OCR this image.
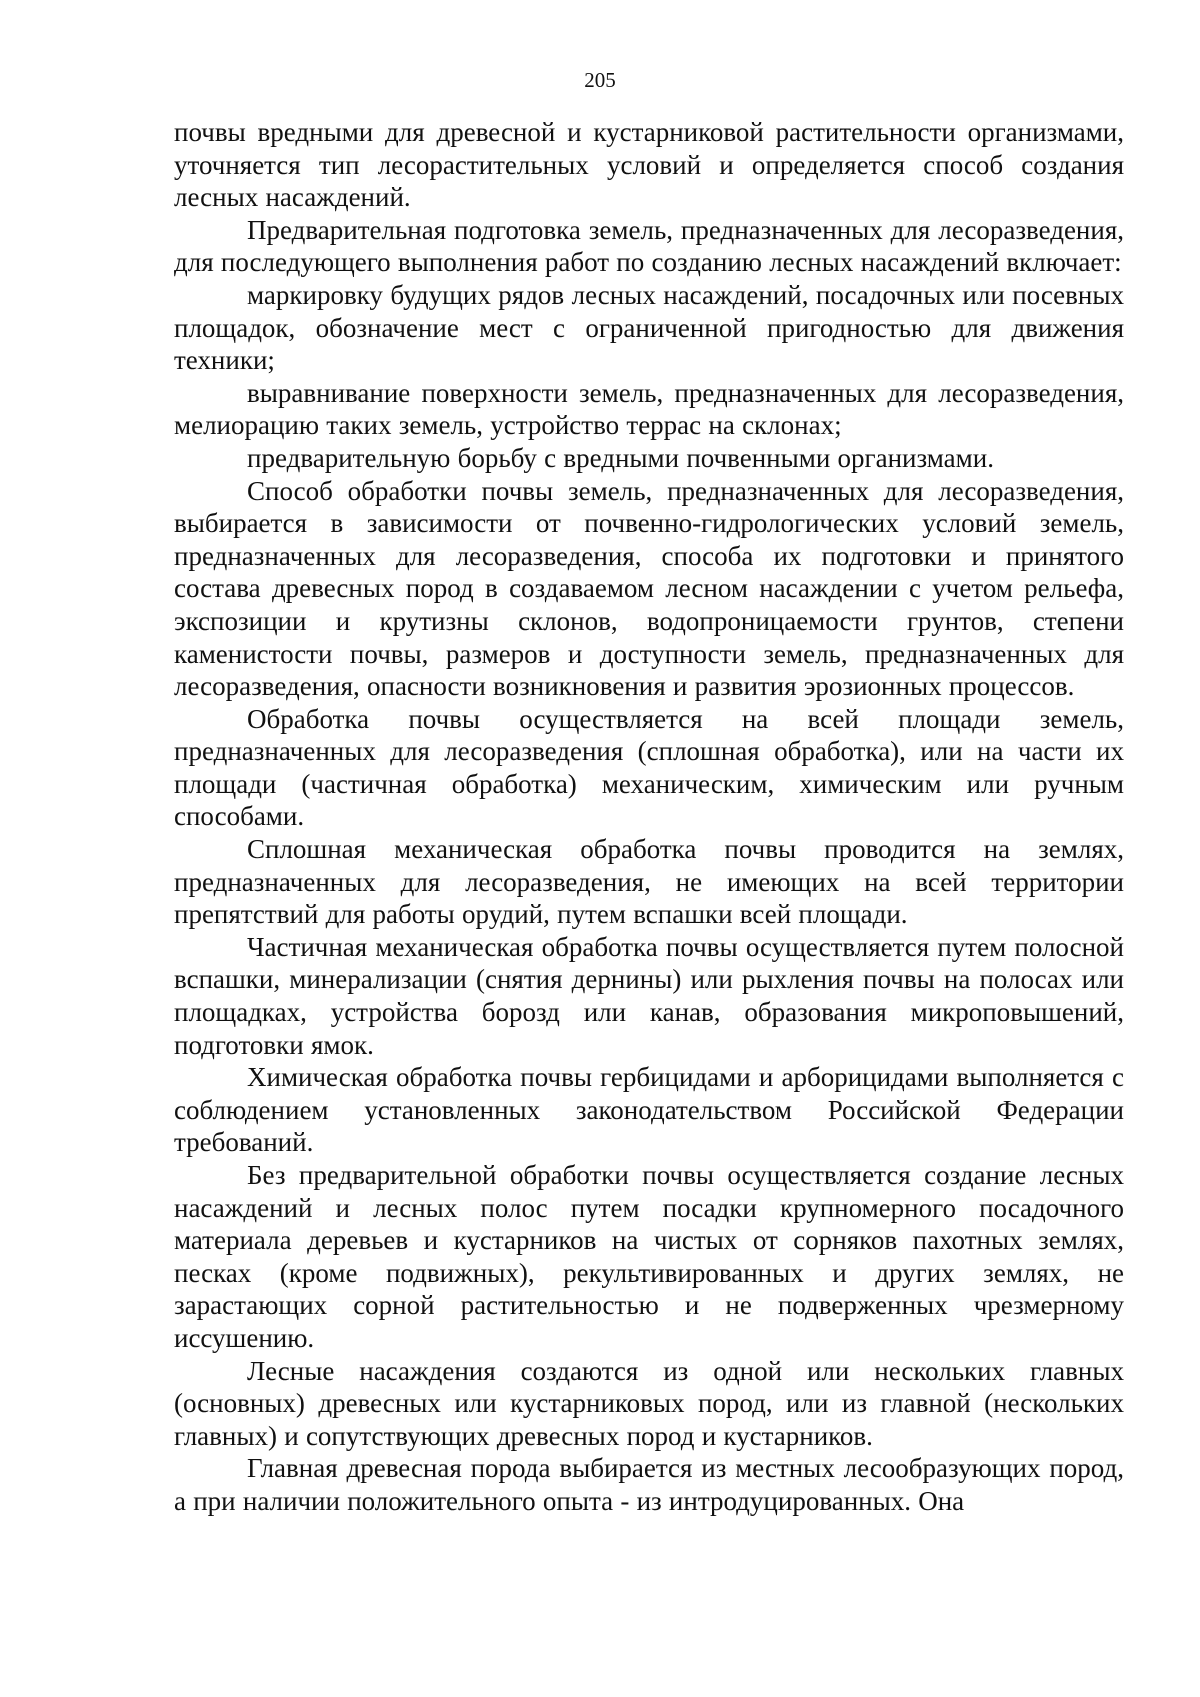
205

почвы вредными для древесной и кустарниковой растительности организмами, уточняется тип лесорастительных условий и определяется способ создания лесных насаждений.

Предварительная подготовка земель, предназначенных для лесоразведения, для последующего выполнения работ по созданию лесных насаждений включает:

маркировку будущих рядов лесных насаждений, посадочных или посевных площадок, обозначение мест с ограниченной пригодностью для движения техники;

выравнивание поверхности земель, предназначенных для лесоразведения, мелиорацию таких земель, устройство террас на склонах;

предварительную борьбу с вредными почвенными организмами.

Способ обработки почвы земель, предназначенных для лесоразведения, выбирается в зависимости от почвенно-гидрологических условий земель, предназначенных для лесоразведения, способа их подготовки и принятого состава древесных пород в создаваемом лесном насаждении с учетом рельефа, экспозиции и крутизны склонов, водопроницаемости грунтов, степени каменистости почвы, размеров и доступности земель, предназначенных для лесоразведения, опасности возникновения и развития эрозионных процессов.

Обработка почвы осуществляется на всей площади земель, предназначенных для лесоразведения (сплошная обработка), или на части их площади (частичная обработка) механическим, химическим или ручным способами.

Сплошная механическая обработка почвы проводится на землях, предназначенных для лесоразведения, не имеющих на всей территории препятствий для работы орудий, путем вспашки всей площади.

Частичная механическая обработка почвы осуществляется путем полосной вспашки, минерализации (снятия дернины) или рыхления почвы на полосах или площадках, устройства борозд или канав, образования микроповышений, подготовки ямок.

Химическая обработка почвы гербицидами и арборицидами выполняется с соблюдением установленных законодательством Российской Федерации требований.

Без предварительной обработки почвы осуществляется создание лесных насаждений и лесных полос путем посадки крупномерного посадочного материала деревьев и кустарников на чистых от сорняков пахотных землях, песках (кроме подвижных), рекультивированных и других землях, не зарастающих сорной растительностью и не подверженных чрезмерному иссушению.

Лесные насаждения создаются из одной или нескольких главных (основных) древесных или кустарниковых пород, или из главной (нескольких главных) и сопутствующих древесных пород и кустарников.

Главная древесная порода выбирается из местных лесообразующих пород, а при наличии положительного опыта - из интродуцированных. Она
